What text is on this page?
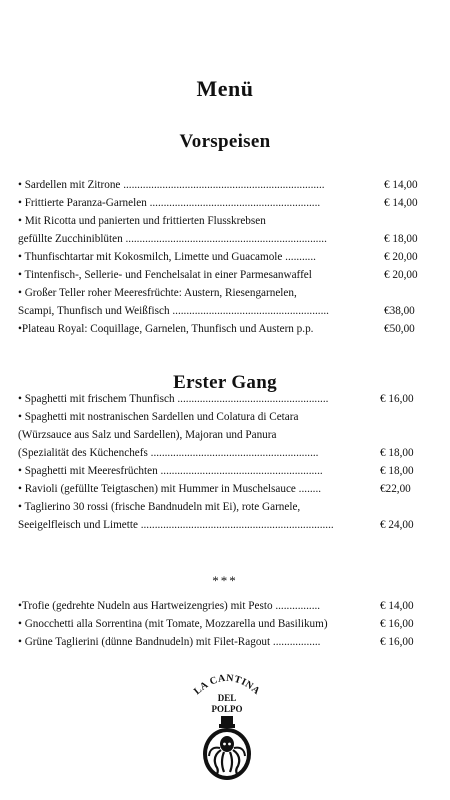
Menü
Vorspeisen
• Sardellen mit Zitrone ........................................................................	€ 14,00
• Frittierte Paranza-Garnelen .............................................................	€ 14,00
• Mit Ricotta und panierten und frittierten Flusskrebsen
gefüllte Zucchiniblüten ........................................................................	€ 18,00
• Thunfischtartar mit Kokosmilch, Limette und Guacamole ...........	€ 20,00
• Tintenfisch-, Sellerie- und Fenchelsalat in einer Parmesanwaffel	€ 20,00
• Großer Teller roher Meeresfrüchte: Austern, Riesengarnelen,
Scampi, Thunfisch und Weißfisch ........................................................	€38,00
•Plateau Royal: Coquillage, Garnelen, Thunfisch und Austern p.p.	€50,00
Erster Gang
• Spaghetti mit frischem Thunfisch ......................................................	€ 16,00
• Spaghetti mit nostranischen Sardellen und Colatura di Cetara
(Würzsauce aus Salz und Sardellen), Majoran und Panura
(Spezialität des Küchenchefs ............................................................	€ 18,00
• Spaghetti mit Meeresfrüchten ..........................................................	€ 18,00
• Ravioli (gefüllte Teigtaschen) mit Hummer in Muschelsauce ........	€22,00
• Taglierino 30 rossi (frische Bandnudeln mit Ei), rote Garnele,
Seeigelfleisch und Limette .....................................................................	€ 24,00
***
•Trofie (gedrehte Nudeln aus Hartweizengries) mit Pesto ................	€ 14,00
• Gnocchetti alla Sorrentina (mit Tomate, Mozzarella und Basilikum)	€ 16,00
• Grüne Taglierini (dünne Bandnudeln) mit Filet-Ragout .................	€ 16,00
LA CANTINA
DEL
POLPO
